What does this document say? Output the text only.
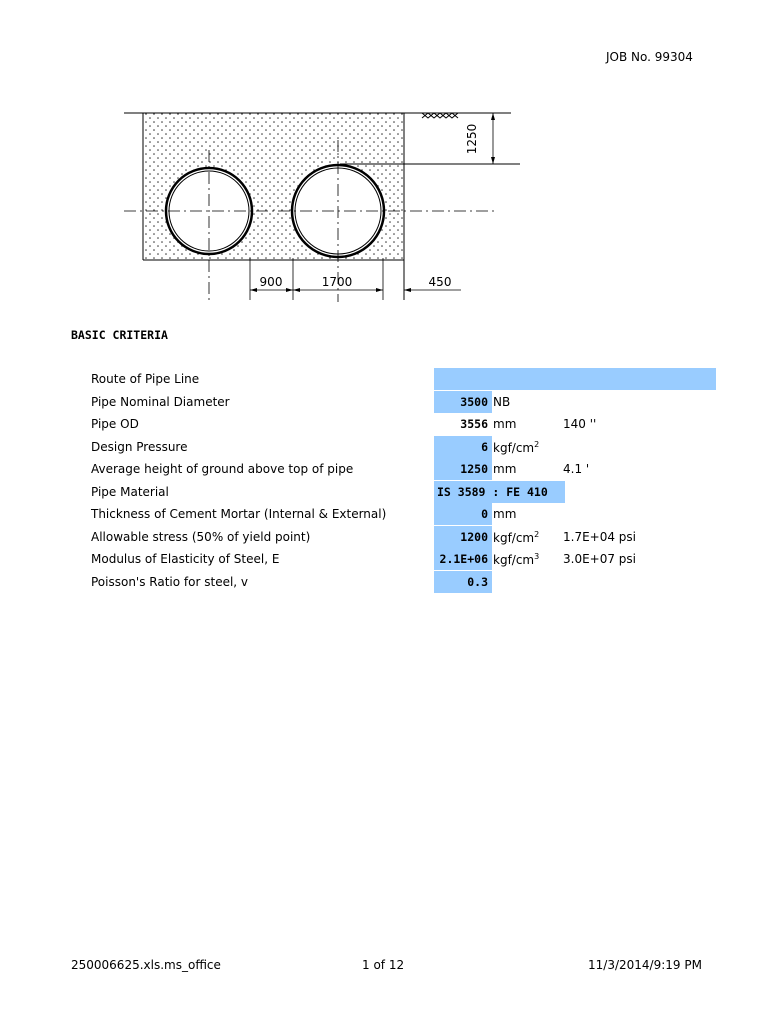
JOB No. 99304
900	1700	450
1250
BASIC CRITERIA
Route of Pipe Line
Pipe Nominal Diameter	3500 NB
Pipe OD	3556 mm	140 ''
Design Pressure	6 kgf/$cm^2$
Average height of ground above top of pipe	1250 mm	4.1 '
Pipe Material	IS 3589 : FE 410
Thickness of Cement Mortar (Internal & External)	0 mm
Allowable stress (50% of yield point)	1200 kgf/$cm^2$ 1.7E+04 psi
Modulus of Elasticity of Steel, E	2.1E+06 kgf/$cm^3$ 3.0E+07 psi
Poisson's Ratio for steel, v	0.3
250006625.xls.ms_office	1 of 12	11/3/2014/9:19 PM
